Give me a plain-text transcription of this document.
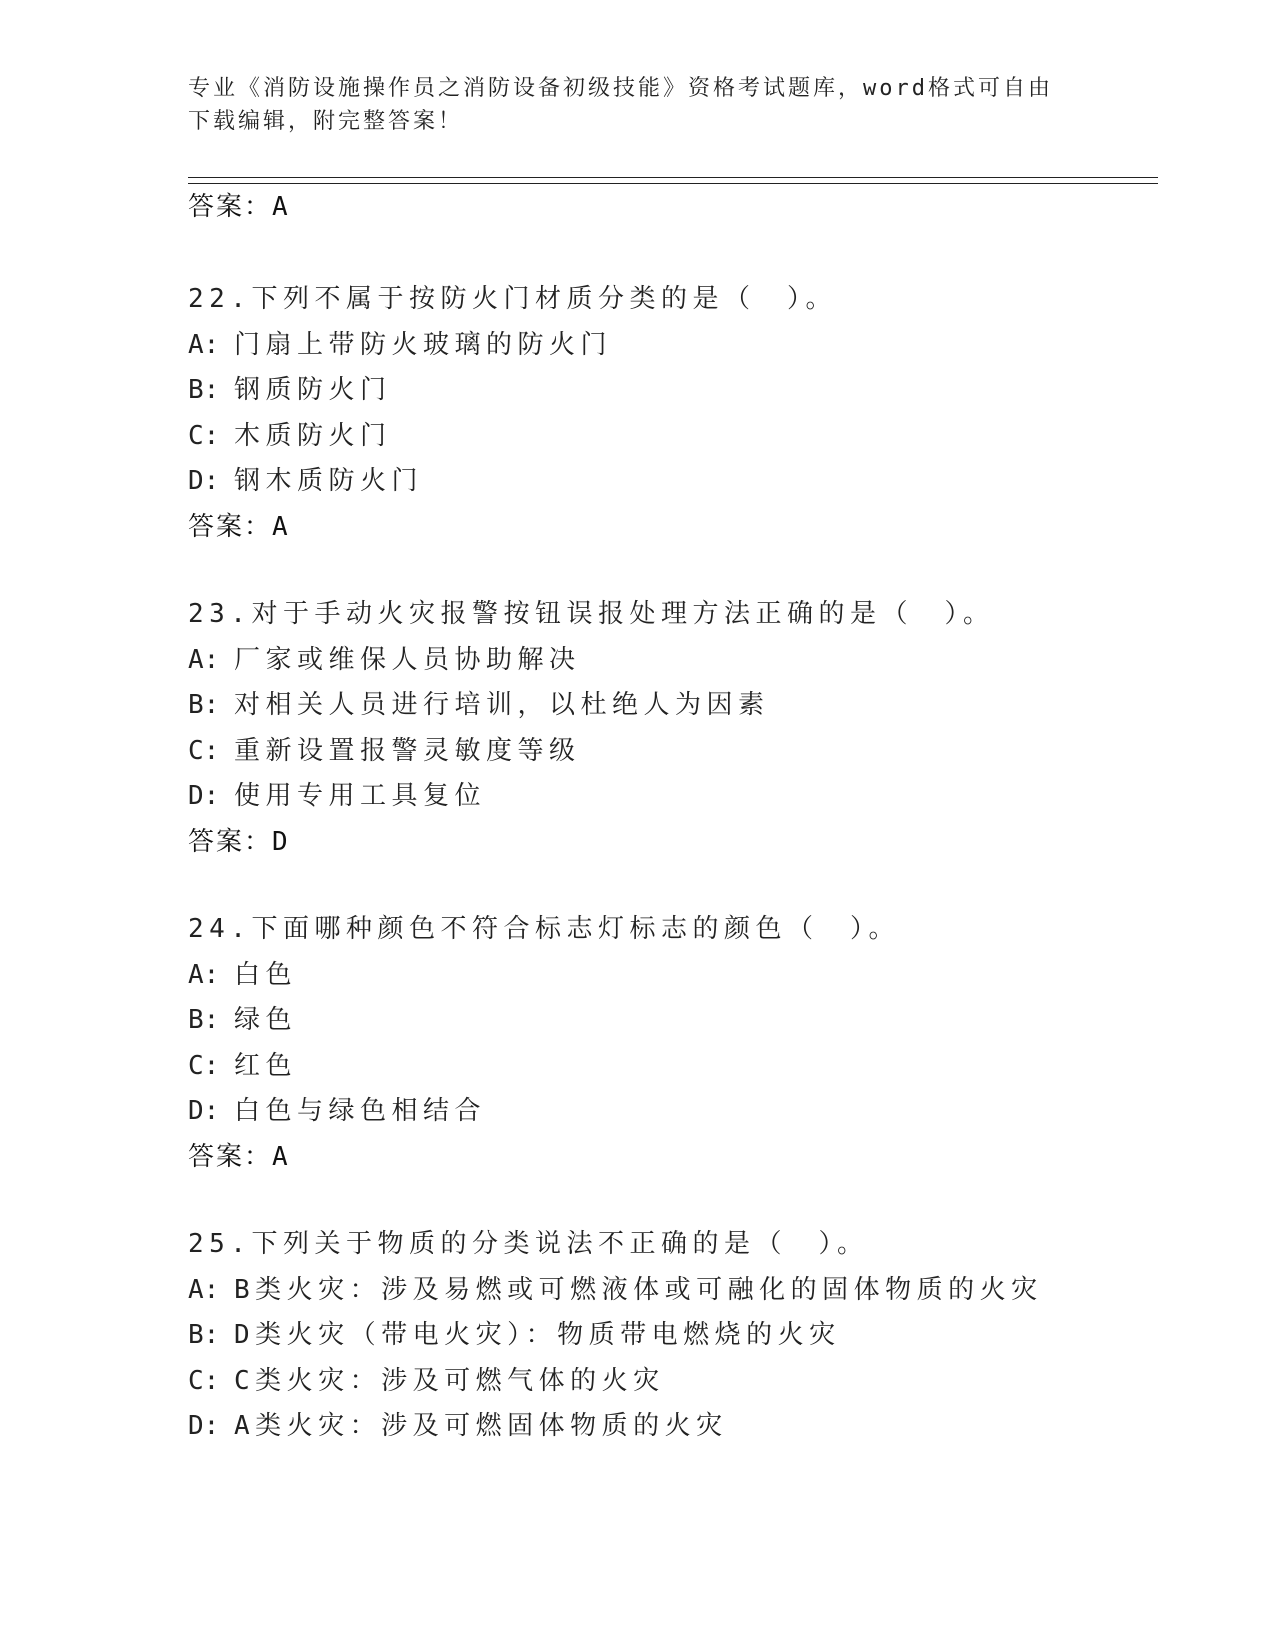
专业《消防设施操作员之消防设备初级技能》资格考试题库，word格式可自由下载编辑，附完整答案！
答案：A
22.下列不属于按防火门材质分类的是（　）。
A: 门扇上带防火玻璃的防火门
B: 钢质防火门
C: 木质防火门
D: 钢木质防火门
答案：A
23.对于手动火灾报警按钮误报处理方法正确的是（　）。
A: 厂家或维保人员协助解决
B: 对相关人员进行培训，以杜绝人为因素
C: 重新设置报警灵敏度等级
D: 使用专用工具复位
答案：D
24.下面哪种颜色不符合标志灯标志的颜色（　）。
A: 白色
B: 绿色
C: 红色
D: 白色与绿色相结合
答案：A
25.下列关于物质的分类说法不正确的是（　）。
A: B类火灾：涉及易燃或可燃液体或可融化的固体物质的火灾
B: D类火灾（带电火灾）：物质带电燃烧的火灾
C: C类火灾：涉及可燃气体的火灾
D: A类火灾：涉及可燃固体物质的火灾
